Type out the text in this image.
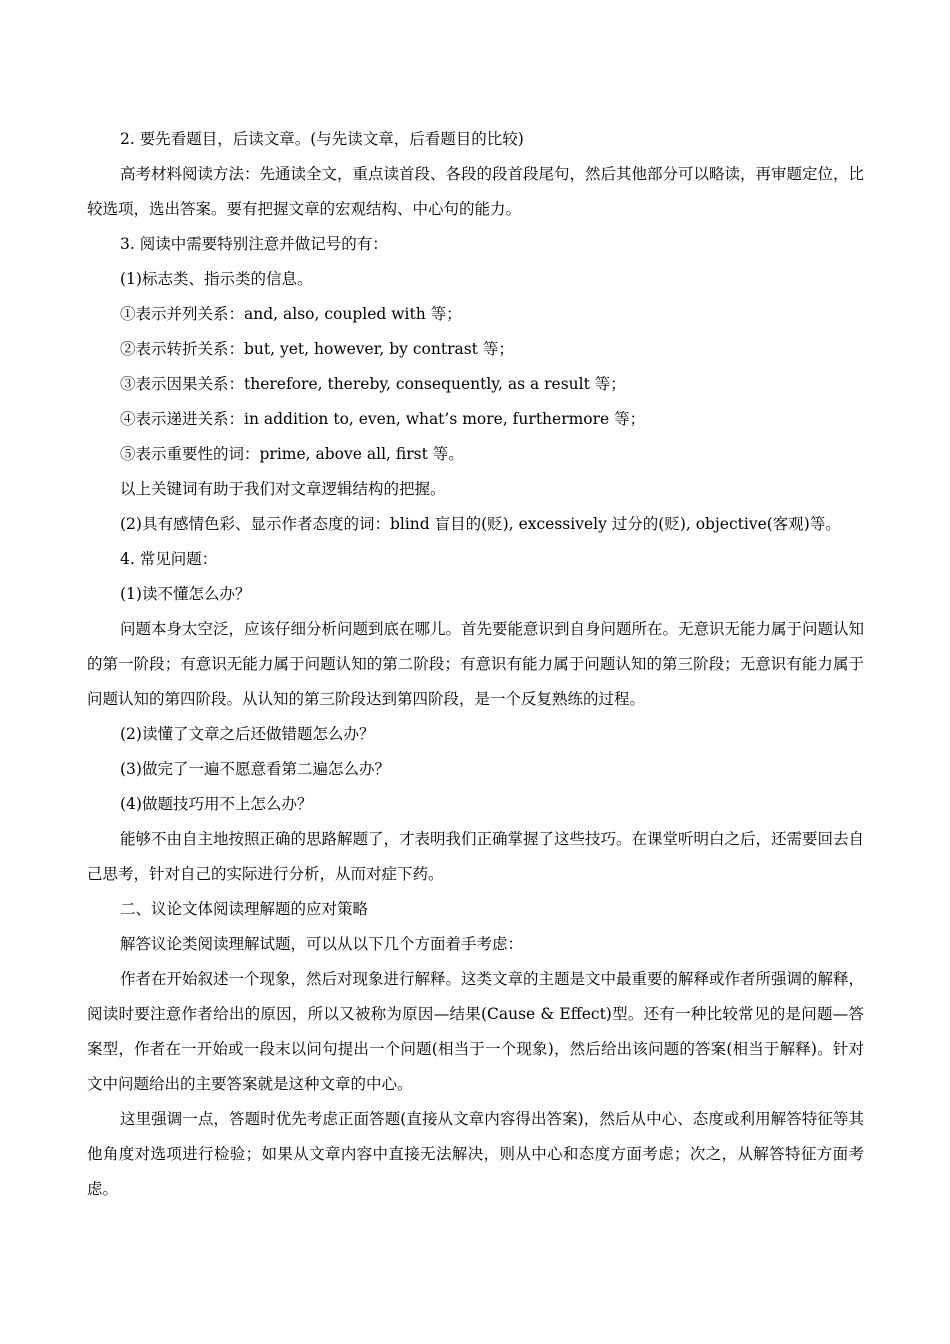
2. 要先看题目，后读文章。(与先读文章，后看题目的比较)

高考材料阅读方法：先通读全文，重点读首段、各段的段首段尾句，然后其他部分可以略读，再审题定位，比较选项，选出答案。要有把握文章的宏观结构、中心句的能力。

3. 阅读中需要特别注意并做记号的有：

(1)标志类、指示类的信息。

①表示并列关系：and, also, coupled with 等；

②表示转折关系：but, yet, however, by contrast 等；

③表示因果关系：therefore, thereby, consequently, as a result 等；

④表示递进关系：in addition to, even, what’s more, furthermore 等；

⑤表示重要性的词：prime, above all, first 等。

以上关键词有助于我们对文章逻辑结构的把握。

(2)具有感情色彩、显示作者态度的词：blind 盲目的(贬), excessively 过分的(贬), objective(客观)等。

4. 常见问题：

(1)读不懂怎么办？

问题本身太空泛，应该仔细分析问题到底在哪儿。首先要能意识到自身问题所在。无意识无能力属于问题认知的第一阶段；有意识无能力属于问题认知的第二阶段；有意识有能力属于问题认知的第三阶段；无意识有能力属于问题认知的第四阶段。从认知的第三阶段达到第四阶段，是一个反复熟练的过程。

(2)读懂了文章之后还做错题怎么办？

(3)做完了一遍不愿意看第二遍怎么办？

(4)做题技巧用不上怎么办？

能够不由自主地按照正确的思路解题了，才表明我们正确掌握了这些技巧。在课堂听明白之后，还需要回去自己思考，针对自己的实际进行分析，从而对症下药。

二、议论文体阅读理解题的应对策略

解答议论类阅读理解试题，可以从以下几个方面着手考虑：

作者在开始叙述一个现象，然后对现象进行解释。这类文章的主题是文中最重要的解释或作者所强调的解释，阅读时要注意作者给出的原因，所以又被称为原因—结果(Cause & Effect)型。还有一种比较常见的是问题—答案型，作者在一开始或一段末以问句提出一个问题(相当于一个现象)，然后给出该问题的答案(相当于解释)。针对文中问题给出的主要答案就是这种文章的中心。

这里强调一点，答题时优先考虑正面答题(直接从文章内容得出答案)，然后从中心、态度或利用解答特征等其他角度对选项进行检验；如果从文章内容中直接无法解决，则从中心和态度方面考虑；次之，从解答特征方面考虑。
